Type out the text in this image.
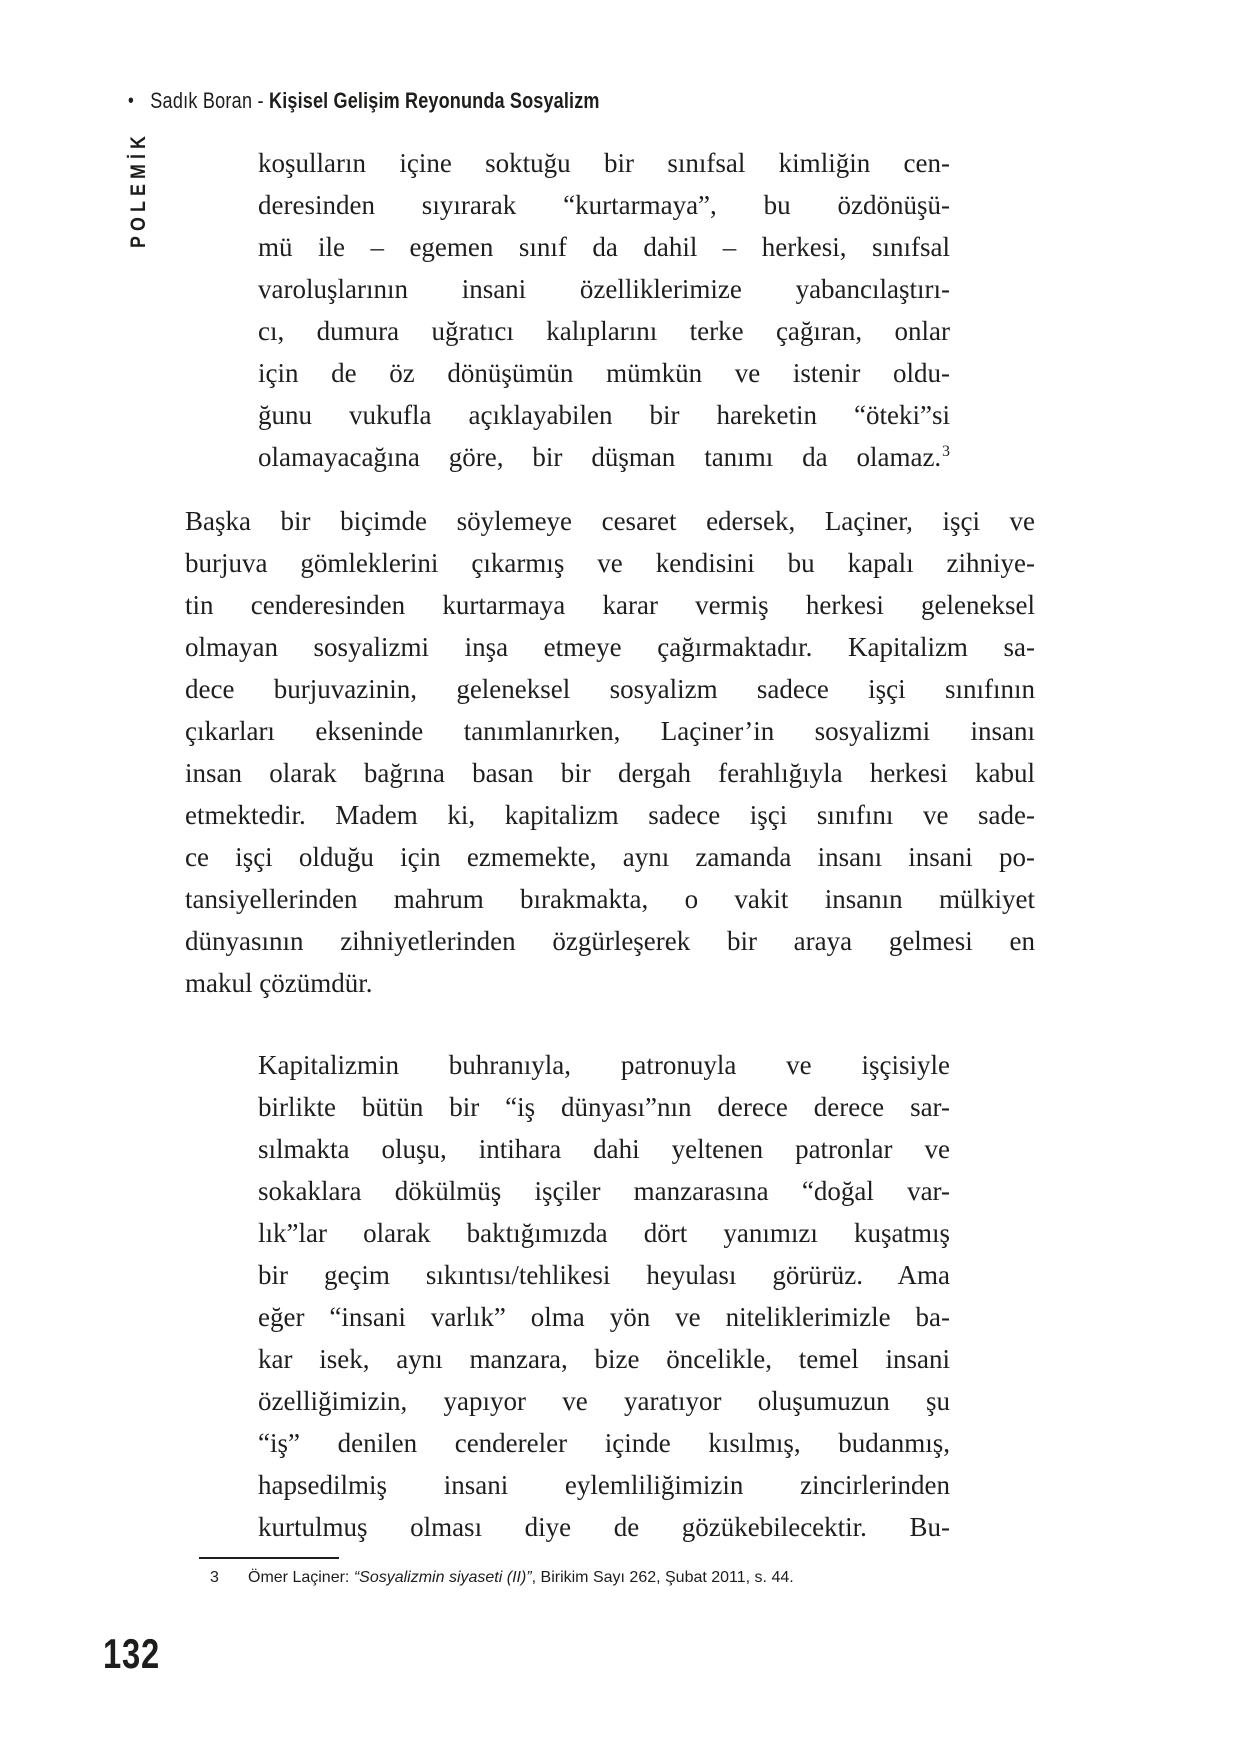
• Sadık Boran - Kişisel Gelişim Reyonunda Sosyalizm
POLEMİK	koşulların içine soktuğu bir sınıfsal kimliğin cen-
deresinden sıyırarak “kurtarmaya”, bu özdönüşü-
mü ile – egemen sınıf da dahil – herkesi, sınıfsal
varoluşlarının insani özelliklerimize yabancılaştırı-
cı, dumura uğratıcı kalıplarını terke çağıran, onlar
için de öz dönüşümün mümkün ve istenir oldu-
ğunu vukufla açıklayabilen bir hareketin “öteki”si
olamayacağına göre, bir düşman tanımı da olamaz.$^3$
Başka bir biçimde söylemeye cesaret edersek, Laçiner, işçi ve
burjuva gömleklerini çıkarmış ve kendisini bu kapalı zihniye-
tin cenderesinden kurtarmaya karar vermiş herkesi geleneksel
olmayan sosyalizmi inşa etmeye çağırmaktadır. Kapitalizm sa-
dece burjuvazinin, geleneksel sosyalizm sadece işçi sınıfının
çıkarları ekseninde tanımlanırken, Laçiner’in sosyalizmi insanı
insan olarak bağrına basan bir dergah ferahlığıyla herkesi kabul
etmektedir. Madem ki, kapitalizm sadece işçi sınıfını ve sade-
ce işçi olduğu için ezmemekte, aynı zamanda insanı insani po-
tansiyellerinden mahrum bırakmakta, o vakit insanın mülkiyet
dünyasının zihniyetlerinden özgürleşerek bir araya gelmesi en
makul çözümdür.
Kapitalizmin buhranıyla, patronuyla ve işçisiyle
birlikte bütün bir “iş dünyası”nın derece derece sar-
sılmakta oluşu, intihara dahi yeltenen patronlar ve
sokaklara dökülmüş işçiler manzarasına “doğal var-
lık”lar olarak baktığımızda dört yanımızı kuşatmış
bir geçim sıkıntısı/tehlikesi heyulası görürüz. Ama
eğer “insani varlık” olma yön ve niteliklerimizle ba-
kar isek, aynı manzara, bize öncelikle, temel insani
özelliğimizin, yapıyor ve yaratıyor oluşumuzun şu
“iş” denilen cendereler içinde kısılmış, budanmış,
hapsedilmiş insani eylemliliğimizin zincirlerinden
kurtulmuş olması diye de gözükebilecektir. Bu-
3	Ömer Laçiner: “Sosyalizmin siyaseti (II)”, Birikim Sayı 262, Şubat 2011, s. 44.
132
